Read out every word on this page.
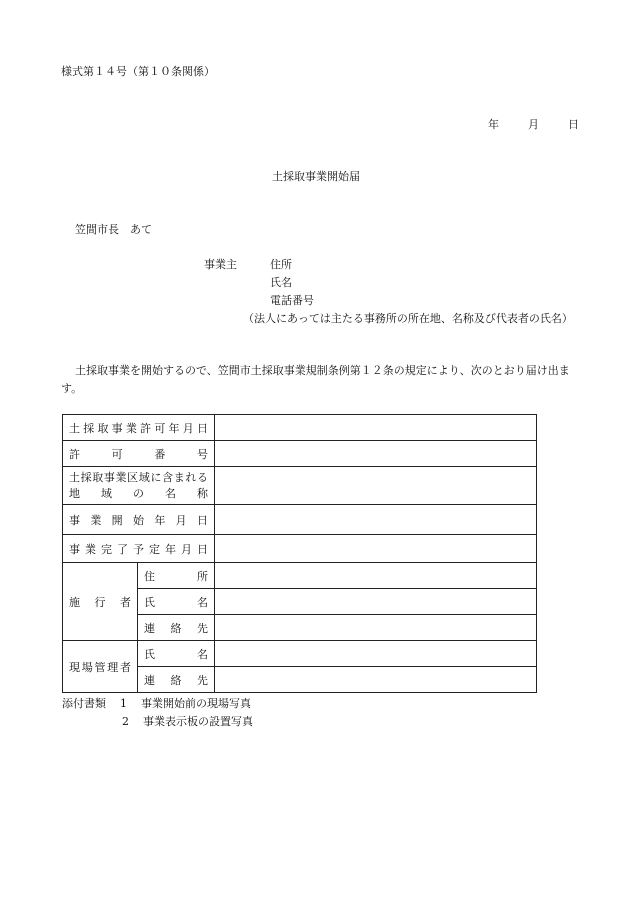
様式第１４号（第１０条関係）
年	月	日
土採取事業開始届
笠間市長　あて
事業主	住所
氏名
電話番号
（法人にあっては主たる事務所の所在地、名称及び代表者の氏名）
土採取事業を開始するので、笠間市土採取事業規制条例第１２条の規定により、次のとおり届け出ます。
土採取事業許可年月日		

許可番号		

土採取事業区域に含まれる
地域の名称		

事業開始年月日		

事業完了予定年月日		

施行者	住所	

	氏名	

	連絡先	

現場管理者	氏名	

	連絡先	

添付書類 1 事業開始前の現場写真
2 事業表示板の設置写真
